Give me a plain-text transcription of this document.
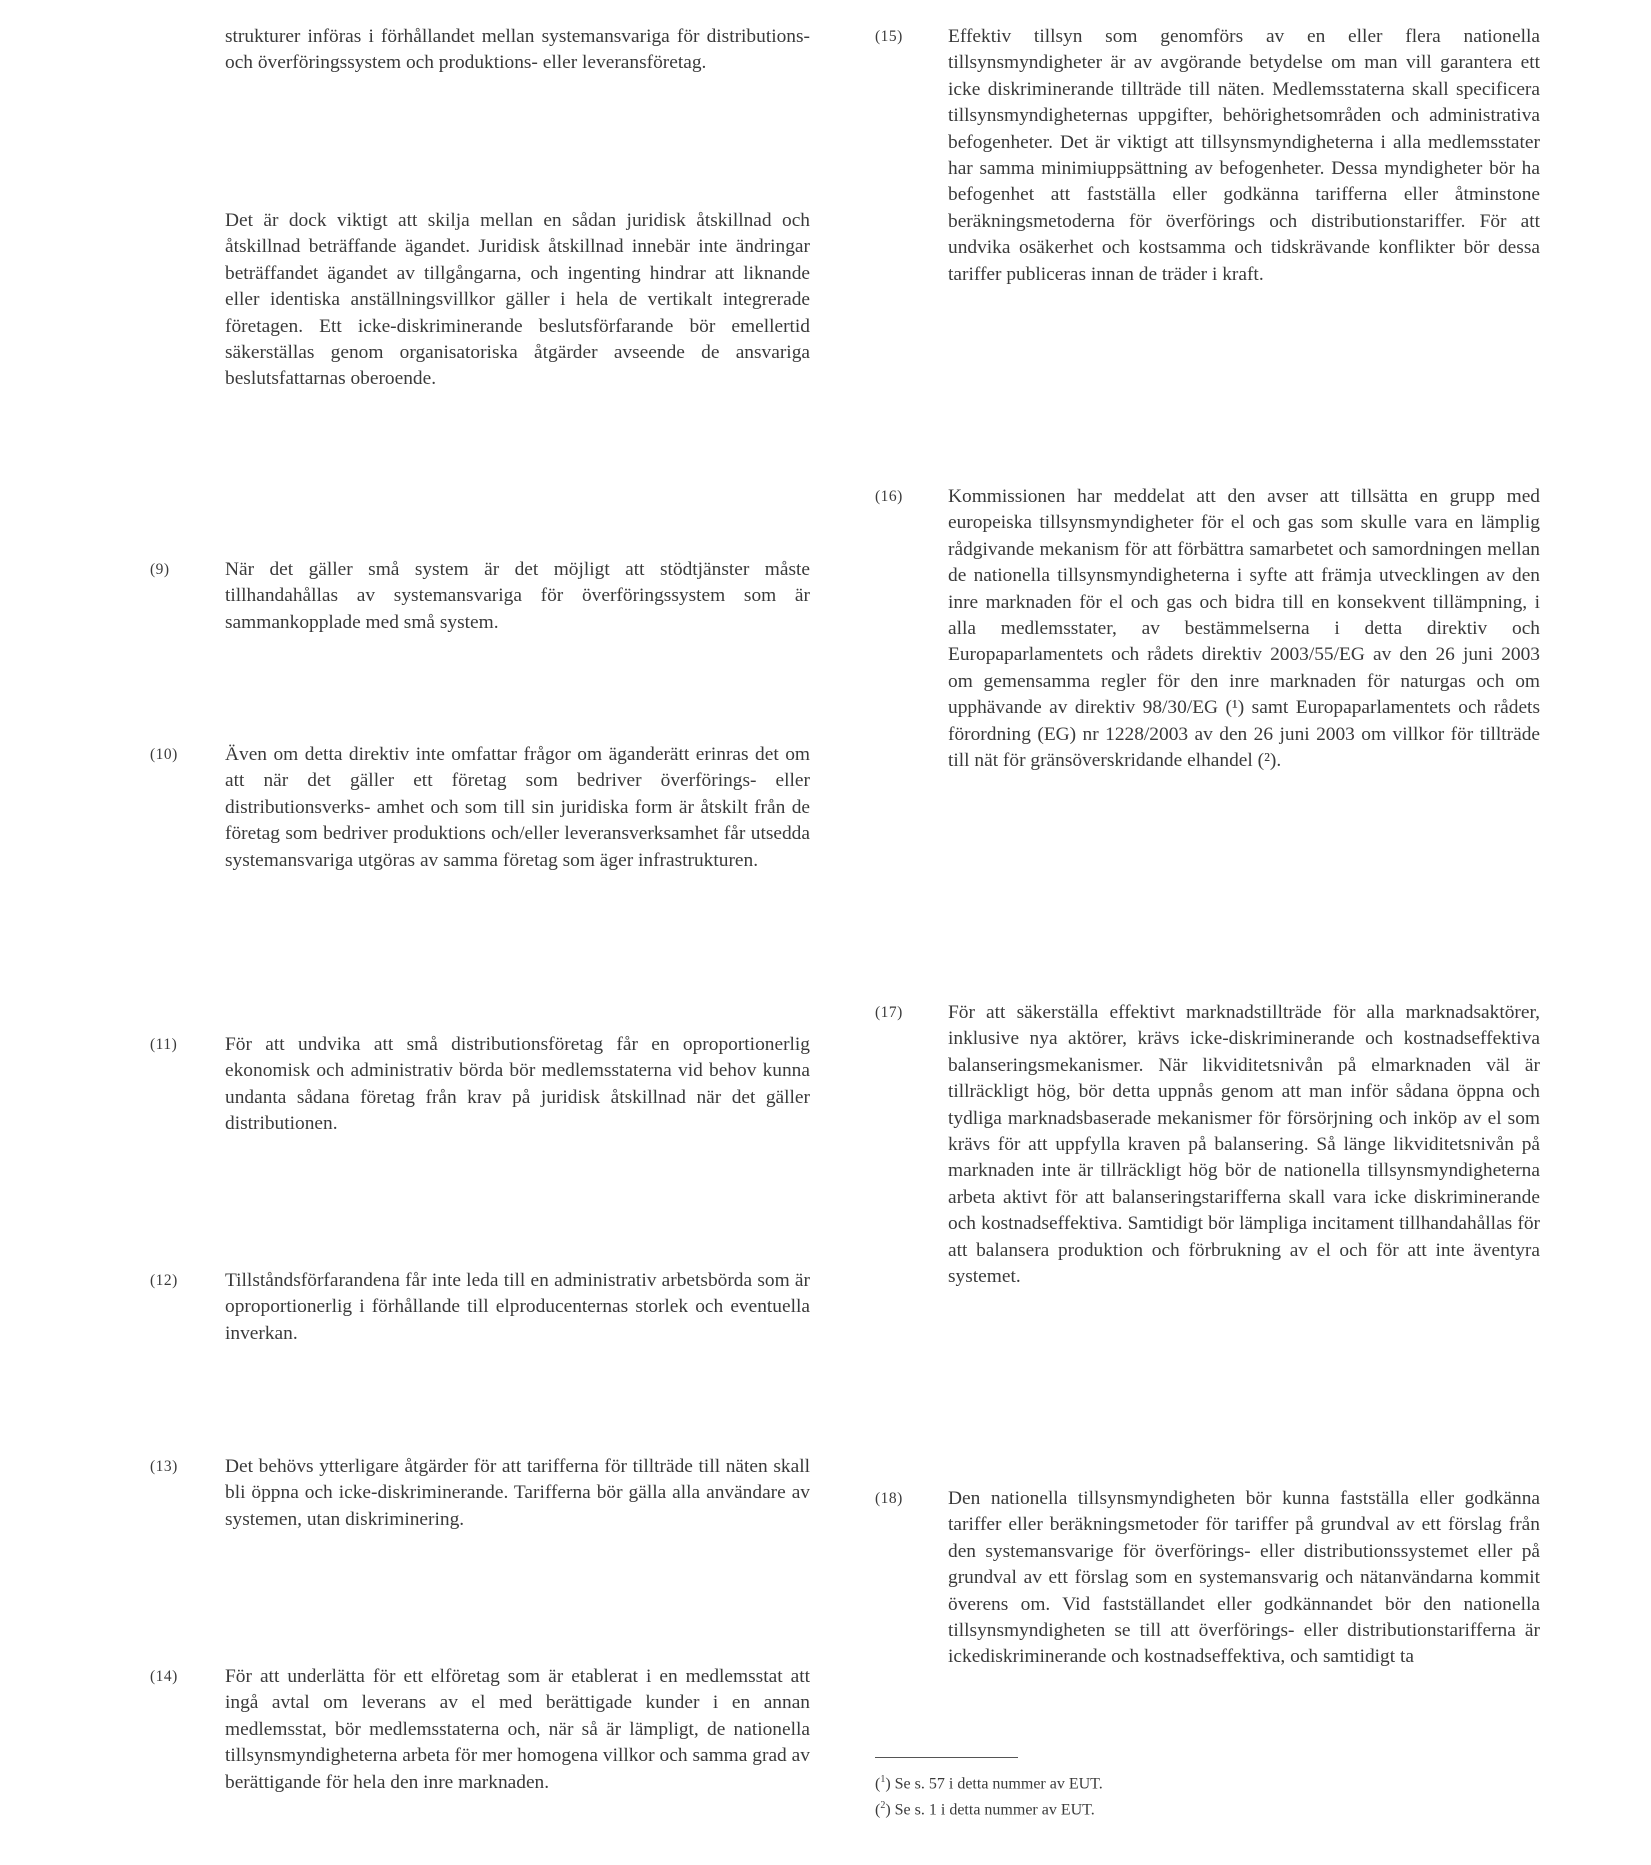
strukturer införas i förhållandet mellan systemansvariga för distributions- och överföringssystem och produktions- eller leveransföretag.
Det är dock viktigt att skilja mellan en sådan juridisk åtskillnad och åtskillnad beträffande ägandet. Juridisk åtskillnad innebär inte ändringar beträffandet ägandet av tillgångarna, och ingenting hindrar att liknande eller identiska anställningsvillkor gäller i hela de vertikalt integrerade företagen. Ett icke-diskriminerande beslutsförfarande bör emellertid säkerställas genom organisatoriska åtgärder avseende de ansvariga beslutsfattarnas oberoende.
(9)	När det gäller små system är det möjligt att stödtjänster måste tillhandahållas av systemansvariga för överföringssystem som är sammankopplade med små system.
(10) Även om detta direktiv inte omfattar frågor om äganderätt erinras det om att när det gäller ett företag som bedriver överförings- eller distributionsverks- amhet och som till sin juridiska form är åtskilt från de företag som bedriver produktions och/eller leveransverksamhet får utsedda systemansvariga utgöras av samma företag som äger infrastrukturen.
(11) För att undvika att små distributionsföretag får en oproportionerlig ekonomisk och administrativ börda bör medlemsstaterna vid behov kunna undanta sådana företag från krav på juridisk åtskillnad när det gäller distributionen.
(12) Tillståndsförfarandena får inte leda till en administrativ arbetsbörda som är oproportionerlig i förhållande till elproducenternas storlek och eventuella inverkan.
(13) Det behövs ytterligare åtgärder för att tarifferna för tillträde till näten skall bli öppna och icke-diskriminerande. Tarifferna bör gälla alla användare av systemen, utan diskriminering.
(14) För att underlätta för ett elföretag som är etablerat i en medlemsstat att ingå avtal om leverans av el med berättigade kunder i en annan medlemsstat, bör medlemsstaterna och, när så är lämpligt, de nationella tillsynsmyndigheterna arbeta för mer homogena villkor och samma grad av berättigande för hela den inre marknaden.
(15) Effektiv tillsyn som genomförs av en eller flera nationella tillsynsmyndigheter är av avgörande betydelse om man vill garantera ett icke diskriminerande tillträde till näten. Medlemsstaterna skall specificera tillsynsmyndigheternas uppgifter, behörighetsområden och administrativa befogenheter. Det är viktigt att tillsynsmyndigheterna i alla medlemsstater har samma minimiuppsättning av befogenheter. Dessa myndigheter bör ha befogenhet att fastställa eller godkänna tarifferna eller åtminstone beräkningsmetoderna för överförings och distributionstariffer. För att undvika osäkerhet och kostsamma och tidskrävande konflikter bör dessa tariffer publiceras innan de träder i kraft.
(16) Kommissionen har meddelat att den avser att tillsätta en grupp med europeiska tillsynsmyndigheter för el och gas som skulle vara en lämplig rådgivande mekanism för att förbättra samarbetet och samordningen mellan de nationella tillsynsmyndigheterna i syfte att främja utvecklingen av den inre marknaden för el och gas och bidra till en konsekvent tillämpning, i alla medlemsstater, av bestämmelserna i detta direktiv och Europaparlamentets och rådets direktiv 2003/55/EG av den 26 juni 2003 om gemensamma regler för den inre marknaden för naturgas och om upphävande av direktiv 98/30/EG (¹) samt Europaparlamentets och rådets förordning (EG) nr 1228/2003 av den 26 juni 2003 om villkor för tillträde till nät för gränsöverskridande elhandel (²).
(17) För att säkerställa effektivt marknadstillträde för alla marknadsaktörer, inklusive nya aktörer, krävs icke-diskriminerande och kostnadseffektiva balanseringsmekanismer. När likviditetsnivån på elmarknaden väl är tillräckligt hög, bör detta uppnås genom att man inför sådana öppna och tydliga marknadsbaserade mekanismer för försörjning och inköp av el som krävs för att uppfylla kraven på balansering. Så länge likviditetsnivån på marknaden inte är tillräckligt hög bör de nationella tillsynsmyndigheterna arbeta aktivt för att balanseringstarifferna skall vara icke diskriminerande och kostnadseffektiva. Samtidigt bör lämpliga incitament tillhandahållas för att balansera produktion och förbrukning av el och för att inte äventyra systemet.
(18) Den nationella tillsynsmyndigheten bör kunna fastställa eller godkänna tariffer eller beräkningsmetoder för tariffer på grundval av ett förslag från den systemansvarige för överförings- eller distributionssystemet eller på grundval av ett förslag som en systemansvarig och nätanvändarna kommit överens om. Vid fastställandet eller godkännandet bör den nationella tillsynsmyndigheten se till att överförings- eller distributionstarifferna är ickediskriminerande och kostnadseffektiva, och samtidigt ta
($^1$) Se s. 57 i detta nummer av EUT.
($^2$) Se s. 1 i detta nummer av EUT.
